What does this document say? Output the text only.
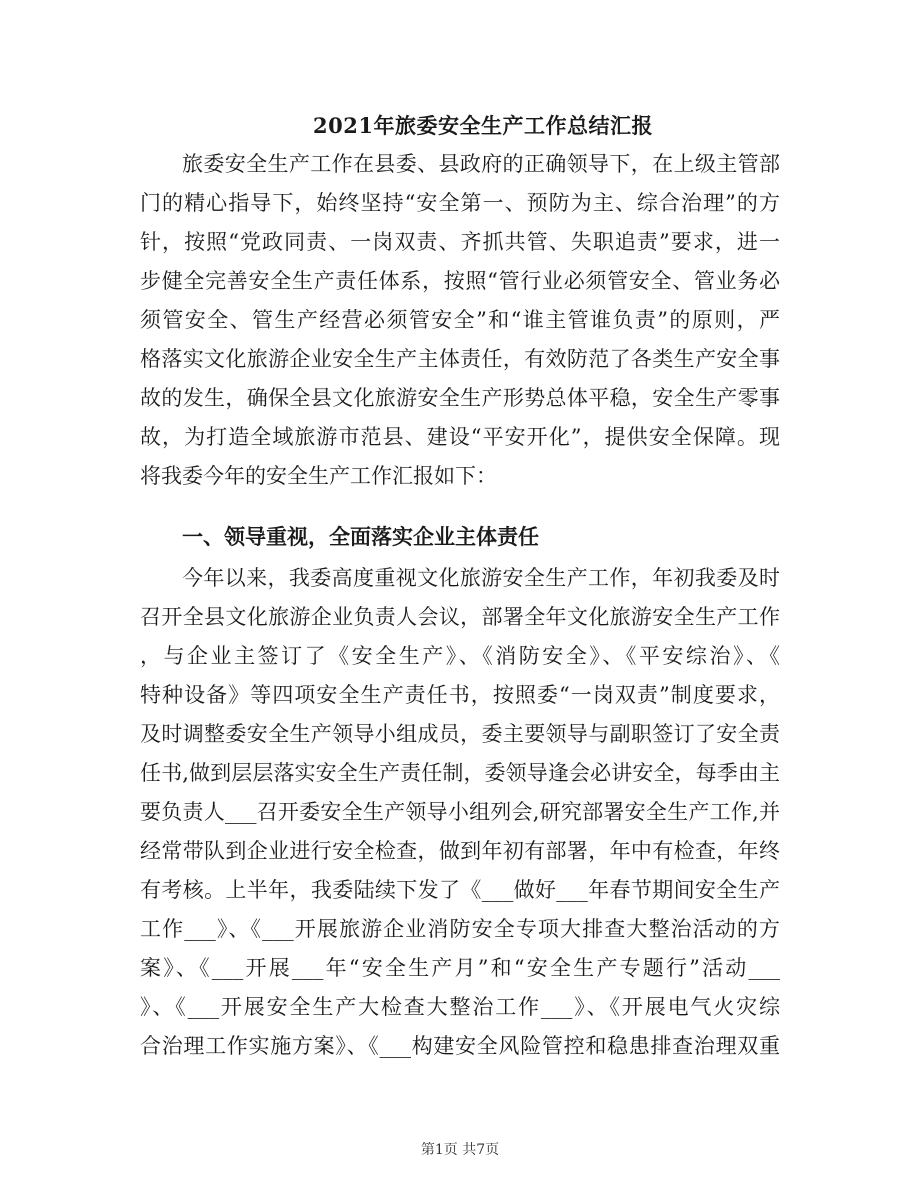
2021年旅委安全生产工作总结汇报

旅委安全生产工作在县委、县政府的正确领导下，在上级主管部

门的精心指导下，始终坚持“安全第一、预防为主、综合治理”的方

针，按照“党政同责、一岗双责、齐抓共管、失职追责”要求，进一

步健全完善安全生产责任体系，按照“管行业必须管安全、管业务必

须管安全、管生产经营必须管安全”和“谁主管谁负责”的原则，严

格落实文化旅游企业安全生产主体责任，有效防范了各类生产安全事

故的发生，确保全县文化旅游安全生产形势总体平稳，安全生产零事

故，为打造全域旅游市范县、建设“平安开化”，提供安全保障。现

将我委今年的安全生产工作汇报如下：

一、领导重视，全面落实企业主体责任

今年以来，我委高度重视文化旅游安全生产工作，年初我委及时

召开全县文化旅游企业负责人会议，部署全年文化旅游安全生产工作

，与企业主签订了《安全生产》、《消防安全》、《平安综治》、《

特种设备》等四项安全生产责任书，按照委“一岗双责”制度要求，

及时调整委安全生产领导小组成员，委主要领导与副职签订了安全责

任书,做到层层落实安全生产责任制，委领导逢会必讲安全，每季由主

要负责人___召开委安全生产领导小组列会,研究部署安全生产工作,并

经常带队到企业进行安全检查，做到年初有部署，年中有检查，年终

有考核。上半年，我委陆续下发了《___做好___年春节期间安全生产

工作___》、《___开展旅游企业消防安全专项大排查大整治活动的方

案》、《___开展___年“安全生产月”和“安全生产专题行”活动___

》、《___开展安全生产大检查大整治工作___》、《开展电气火灾综

合治理工作实施方案》、《___构建安全风险管控和稳患排查治理双重

第1页 共7页
